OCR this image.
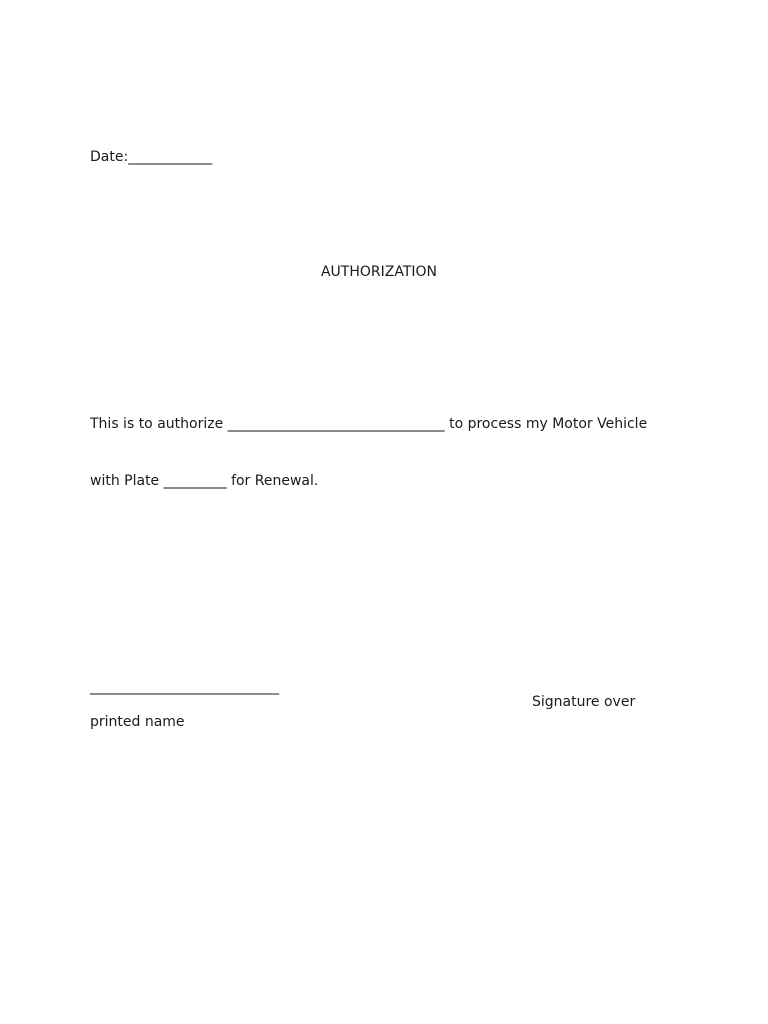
Date:____________
AUTHORIZATION
This is to authorize _______________________________ to process my Motor Vehicle
with Plate _________ for Renewal.
___________________________
Signature over
printed name
